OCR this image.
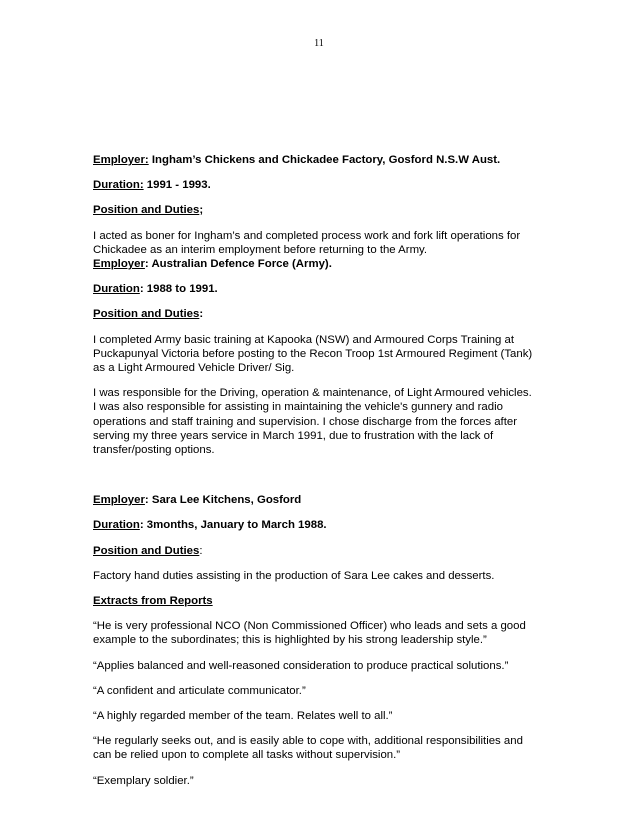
11

Employer: Ingham’s Chickens and Chickadee Factory, Gosford N.S.W Aust.

Duration: 1991 - 1993.

Position and Duties;

I acted as boner for Ingham’s and completed process work and fork lift operations for
Chickadee as an interim employment before returning to the Army.

Employer: Australian Defence Force (Army).

Duration: 1988 to 1991.

Position and Duties:

I completed Army basic training at Kapooka (NSW) and Armoured Corps Training at
Puckapunyal Victoria before posting to the Recon Troop 1st Armoured Regiment (Tank)
as a Light Armoured Vehicle Driver/ Sig.

I was responsible for the Driving, operation & maintenance, of Light Armoured vehicles.
I was also responsible for assisting in maintaining the vehicle's gunnery and radio
operations and staff training and supervision. I chose discharge from the forces after
serving my three years service in March 1991, due to frustration with the lack of
transfer/posting options.

Employer: Sara Lee Kitchens, Gosford

Duration: 3months, January to March 1988.

Position and Duties:

Factory hand duties assisting in the production of Sara Lee cakes and desserts.

Extracts from Reports

“He is very professional NCO (Non Commissioned Officer) who leads and sets a good
example to the subordinates; this is highlighted by his strong leadership style.”

“Applies balanced and well-reasoned consideration to produce practical solutions.”

“A confident and articulate communicator.”

“A highly regarded member of the team. Relates well to all.”

“He regularly seeks out, and is easily able to cope with, additional responsibilities and
can be relied upon to complete all tasks without supervision.”

“Exemplary soldier.”
